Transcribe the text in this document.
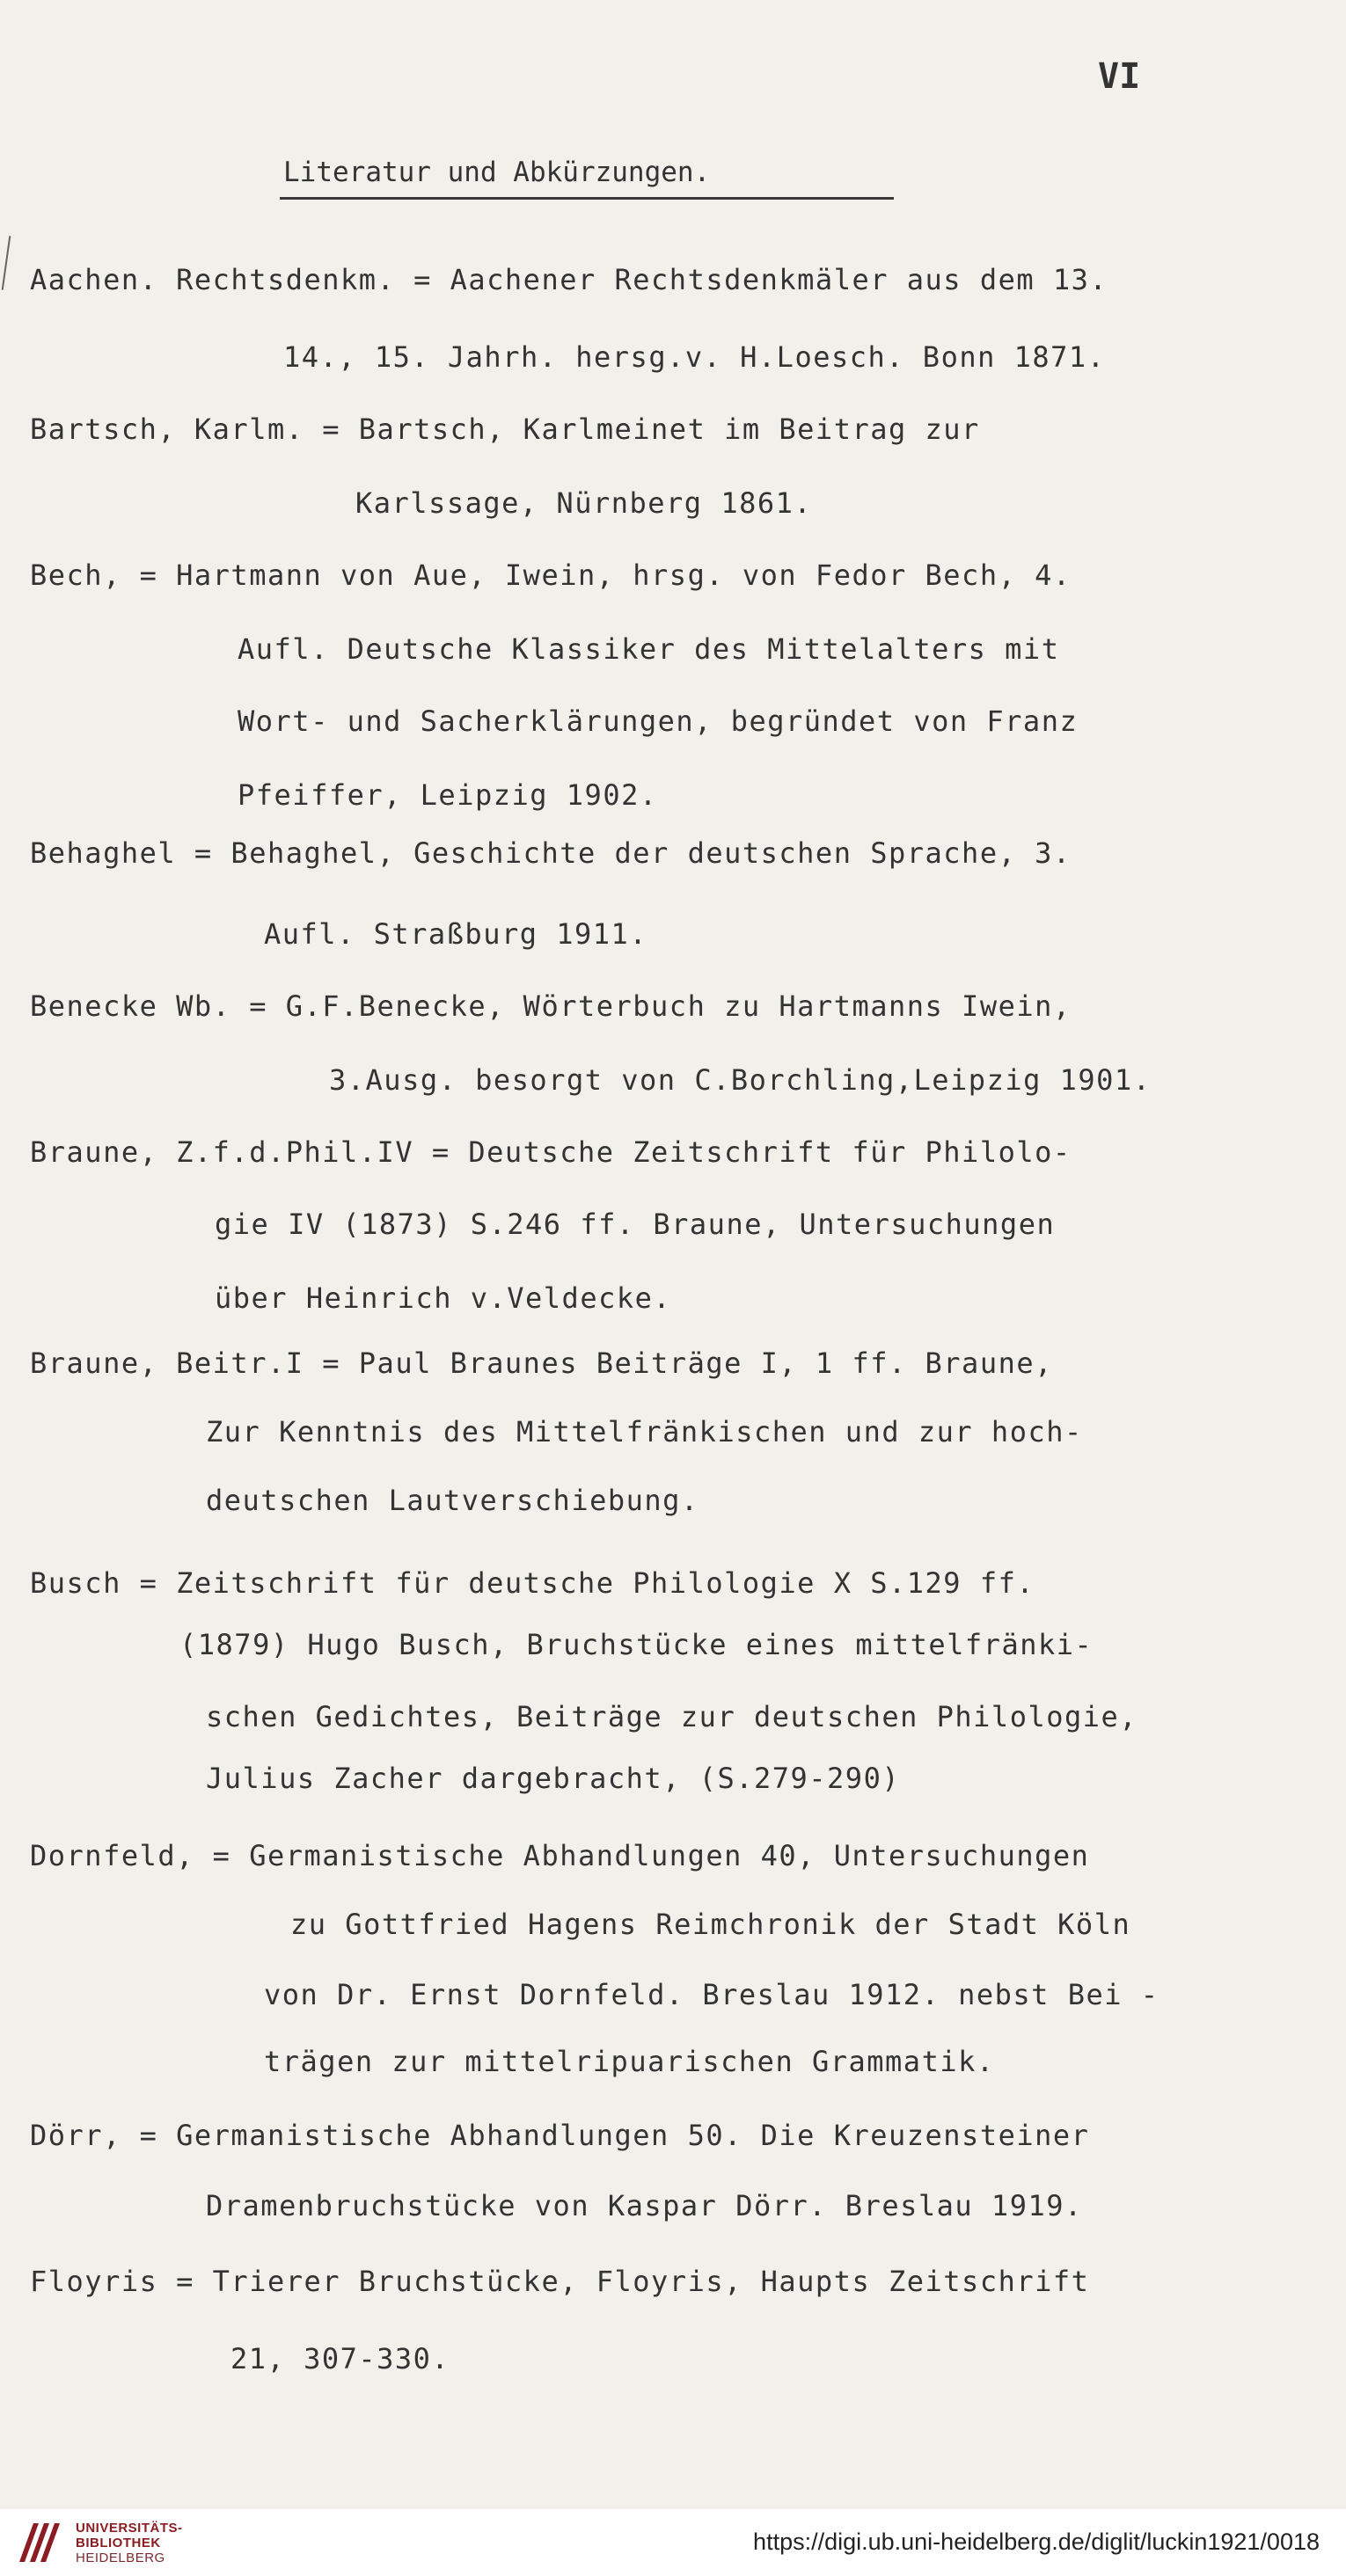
VI
Literatur und Abkürzungen.
Aachen. Rechtsdenkm. = Aachener Rechtsdenkmäler aus dem 13.
14., 15. Jahrh. hersg.v. H.Loesch. Bonn 1871.
Bartsch, Karlm. = Bartsch, Karlmeinet im Beitrag zur
Karlssage, Nürnberg 1861.
Bech, = Hartmann von Aue, Iwein, hrsg. von Fedor Bech, 4.
Aufl. Deutsche Klassiker des Mittelalters mit
Wort- und Sacherklärungen, begründet von Franz
Pfeiffer, Leipzig 1902.
Behaghel = Behaghel, Geschichte der deutschen Sprache, 3.
Aufl. Straßburg 1911.
Benecke Wb. = G.F.Benecke, Wörterbuch zu Hartmanns Iwein,
3.Ausg. besorgt von C.Borchling,Leipzig 1901.
Braune, Z.f.d.Phil.IV = Deutsche Zeitschrift für Philolo-
gie IV (1873) S.246 ff. Braune, Untersuchungen
über Heinrich v.Veldecke.
Braune, Beitr.I = Paul Braunes Beiträge I, 1 ff. Braune,
Zur Kenntnis des Mittelfränkischen und zur hoch-
deutschen Lautverschiebung.
Busch = Zeitschrift für deutsche Philologie X S.129 ff.
(1879) Hugo Busch, Bruchstücke eines mittelfränki-
schen Gedichtes, Beiträge zur deutschen Philologie,
Julius Zacher dargebracht, (S.279-290)
Dornfeld, = Germanistische Abhandlungen 40, Untersuchungen
zu Gottfried Hagens Reimchronik der Stadt Köln
von Dr. Ernst Dornfeld. Breslau 1912. nebst Bei -
trägen zur mittelripuarischen Grammatik.
Dörr, = Germanistische Abhandlungen 50. Die Kreuzensteiner
Dramenbruchstücke von Kaspar Dörr. Breslau 1919.
Floyris = Trierer Bruchstücke, Floyris, Haupts Zeitschrift
21, 307-330.
UNIVERSITÄTS-
BIBLIOTHEK
HEIDELBERG
https://digi.ub.uni-heidelberg.de/diglit/luckin1921/0018
